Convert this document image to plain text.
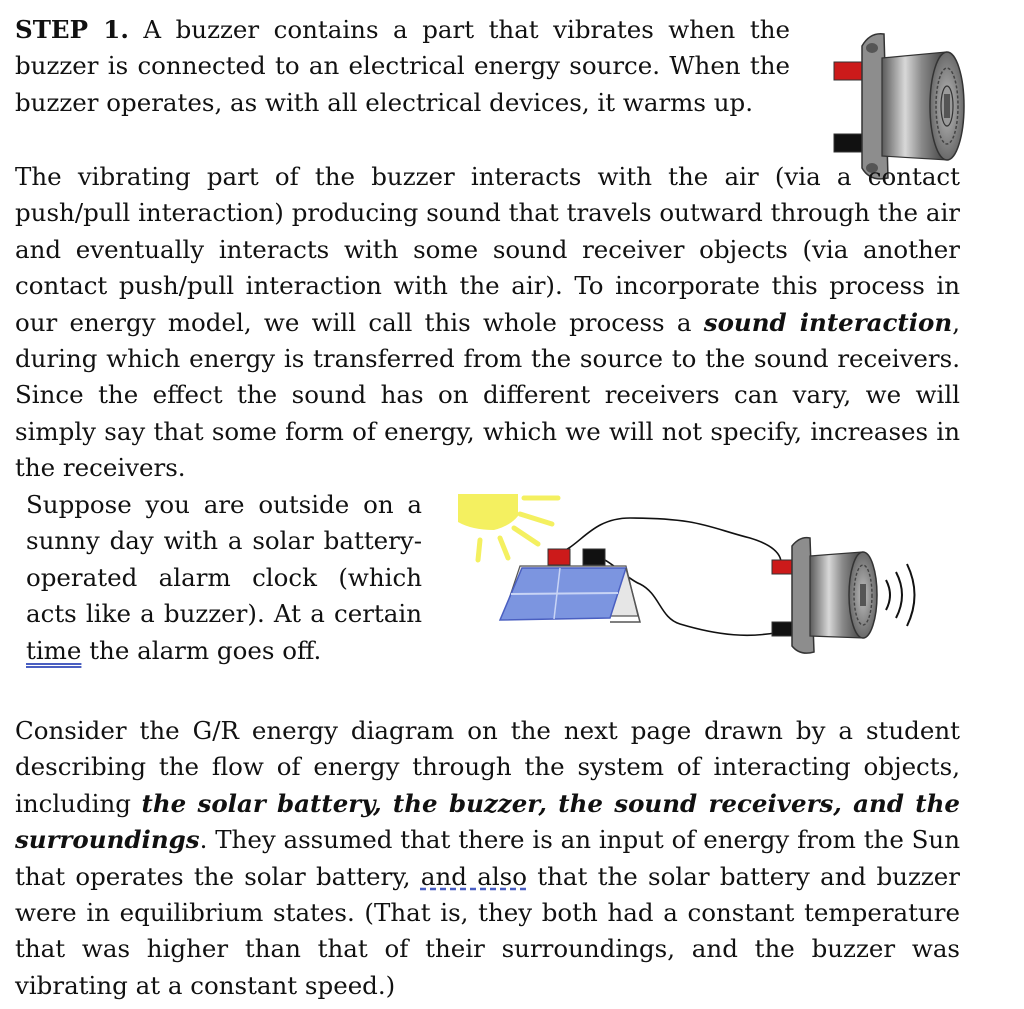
STEP 1. A buzzer contains a part that vibrates when the buzzer is connected to an electrical energy source. When the buzzer operates, as with all electrical devices, it warms up.

The vibrating part of the buzzer interacts with the air (via a contact push/pull interaction) producing sound that travels outward through the air and eventually interacts with some sound receiver objects (via another contact push/pull interaction with the air). To incorporate this process in our energy model, we will call this whole process a sound interaction, during which energy is transferred from the source to the sound receivers. Since the effect the sound has on different receivers can vary, we will simply say that some form of energy, which we will not specify, increases in the receivers.

Suppose you are outside on a sunny day with a solar battery-operated alarm clock (which acts like a buzzer). At a certain time the alarm goes off.

Consider the G/R energy diagram on the next page drawn by a student describing the flow of energy through the system of interacting objects, including the solar battery, the buzzer, the sound receivers, and the surroundings. They assumed that there is an input of energy from the Sun that operates the solar battery, and also that the solar battery and buzzer were in equilibrium states. (That is, they both had a constant temperature that was higher than that of their surroundings, and the buzzer was vibrating at a constant speed.)
